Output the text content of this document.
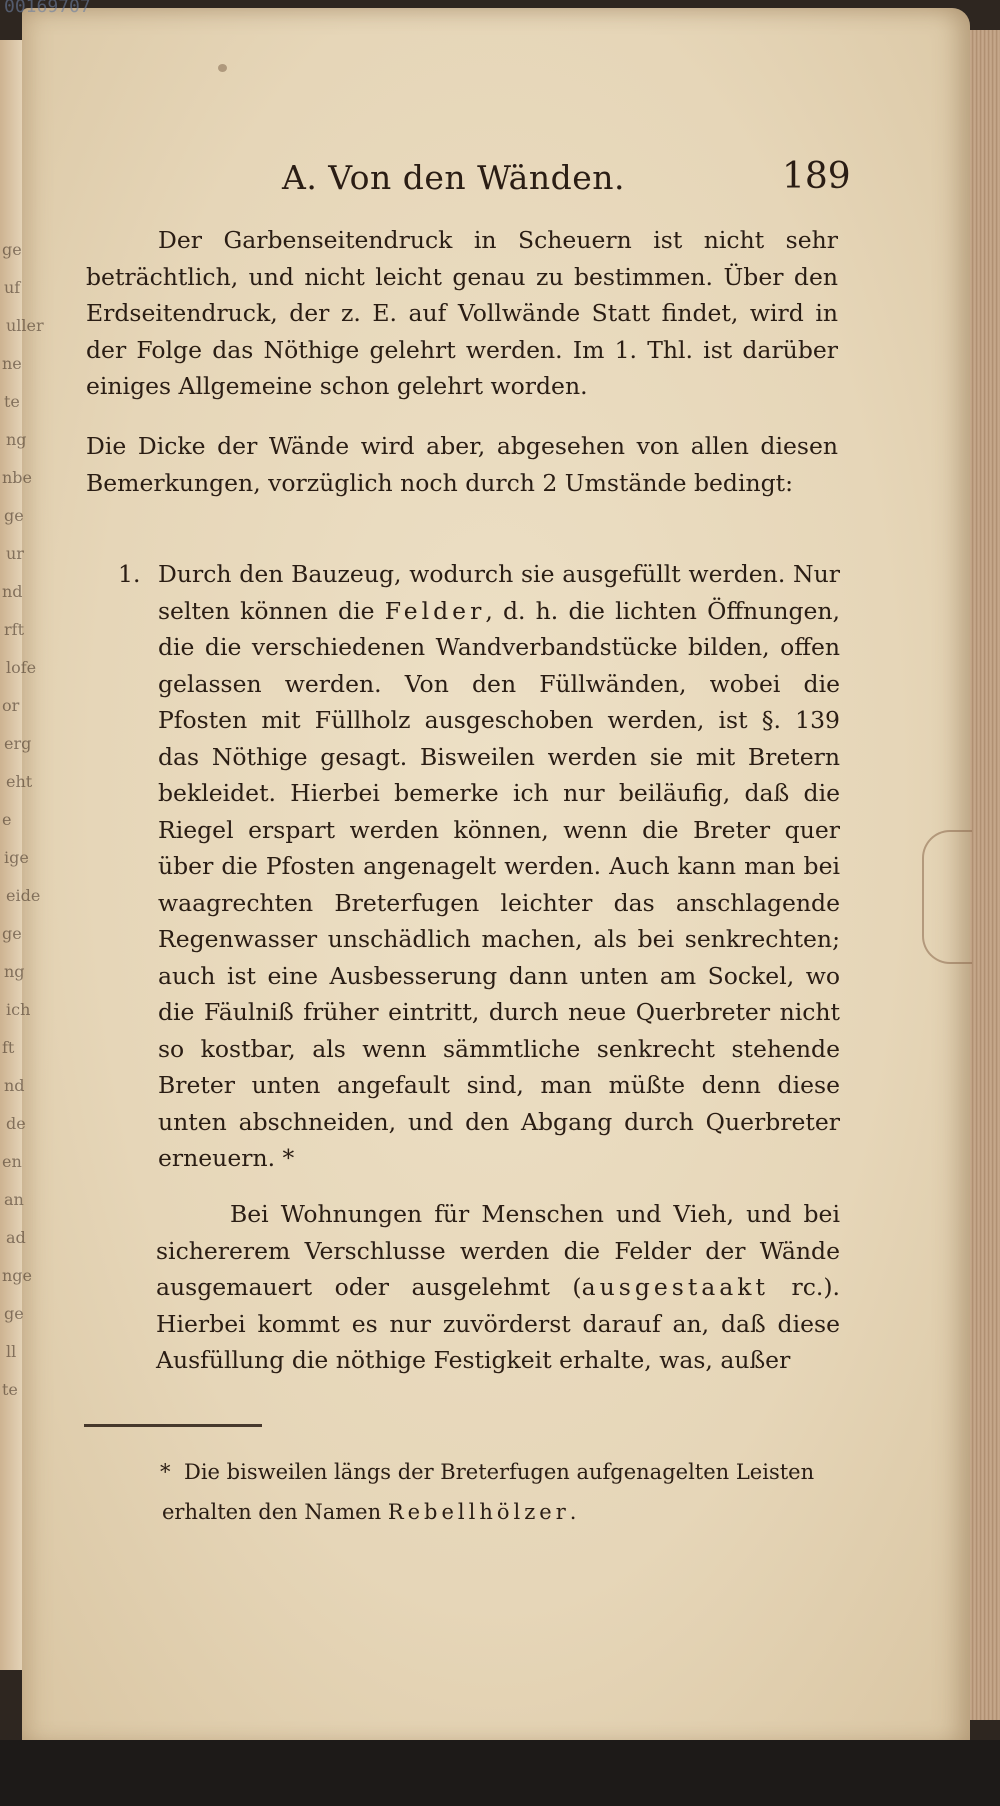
00169707
ge
uf
uller
ne
te
ng
nbe
ge
ur
nd
rft
lofe
or
erg
eht
e
ige
eide
ge
ng
ich
ft
nd
de
en
an
ad
nge
ge
ll
te
A. Von den Wänden.	189

Der Garbenseitendruck in Scheuern ist nicht sehr beträchtlich, und nicht leicht genau zu bestimmen. Über den Erdseitendruck, der z. E. auf Vollwände Statt findet, wird in der Folge das Nöthige gelehrt werden. Im 1. Thl. ist darüber einiges Allgemeine schon gelehrt worden.

Die Dicke der Wände wird aber, abgesehen von allen diesen Bemerkungen, vorzüglich noch durch 2 Umstände bedingt:

1. Durch den Bauzeug, wodurch sie ausgefüllt werden. Nur selten können die Felder, d. h. die lichten Öffnungen, die die verschiedenen Wandverbandstücke bilden, offen gelassen werden. Von den Füllwänden, wobei die Pfosten mit Füllholz ausgeschoben werden, ist §. 139 das Nöthige gesagt. Bisweilen werden sie mit Bretern bekleidet. Hierbei bemerke ich nur beiläufig, daß die Riegel erspart werden können, wenn die Breter quer über die Pfosten angenagelt werden. Auch kann man bei waagrechten Breterfugen leichter das anschlagende Regenwasser unschädlich machen, als bei senkrechten; auch ist eine Ausbesserung dann unten am Sockel, wo die Fäulniß früher eintritt, durch neue Querbreter nicht so kostbar, als wenn sämmtliche senkrecht stehende Breter unten angefault sind, man müßte denn diese unten abschneiden, und den Abgang durch Querbreter erneuern. *

Bei Wohnungen für Menschen und Vieh, und bei sichererem Verschlusse werden die Felder der Wände ausgemauert oder ausgelehmt (ausgestaakt rc.). Hierbei kommt es nur zuvörderst darauf an, daß diese Ausfüllung die nöthige Festigkeit erhalte, was, außer

* Die bisweilen längs der Breterfugen aufgenagelten Leisten erhalten den Namen Rebellhölzer.
